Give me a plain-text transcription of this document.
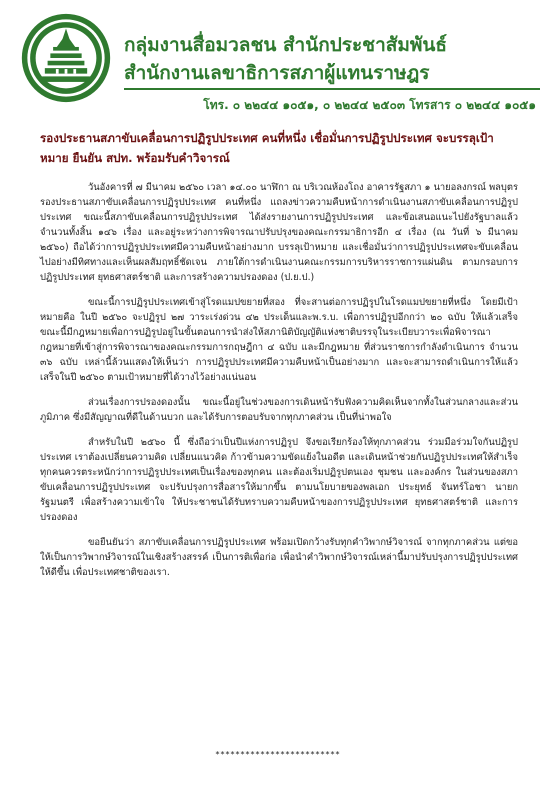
กลุ่มงานสื่อมวลชน สำนักประชาสัมพันธ์
สำนักงานเลขาธิการสภาผู้แทนราษฎร
โทร. ๐ ๒๒๔๔ ๑๐๕๑, ๐ ๒๒๔๔ ๒๕๐๓ โทรสาร ๐ ๒๒๔๔ ๑๐๕๑
รองประธานสภาขับเคลื่อนการปฏิรูปประเทศ คนที่หนึ่ง เชื่อมั่นการปฏิรูปประเทศ จะบรรลุเป้าหมาย ยืนยัน สปท. พร้อมรับคำวิจารณ์

วันอังคารที่ ๗ มีนาคม ๒๕๖๐ เวลา ๑๔.๐๐ นาฬิกา ณ บริเวณห้องโถง อาคารรัฐสภา ๑ นายอลงกรณ์ พลบุตร รองประธานสภาขับเคลื่อนการปฏิรูปประเทศ คนที่หนึ่ง แถลงข่าวความคืบหน้าการดำเนินงานสภาขับเคลื่อนการปฏิรูปประเทศ ขณะนี้สภาขับเคลื่อนการปฏิรูปประเทศ ได้ส่งรายงานการปฏิรูปประเทศ และข้อเสนอแนะไปยังรัฐบาลแล้วจำนวนทั้งสิ้น ๑๔๖ เรื่อง และอยู่ระหว่างการพิจารณาปรับปรุงของคณะกรรมาธิการอีก ๔ เรื่อง (ณ วันที่ ๖ มีนาคม ๒๕๖๐) ถือได้ว่าการปฏิรูปประเทศมีความคืบหน้าอย่างมาก บรรลุเป้าหมาย และเชื่อมั่นว่าการปฏิรูปประเทศจะขับเคลื่อนไปอย่างมีทิศทางและเห็นผลสัมฤทธิ์ชัดเจน ภายใต้การดำเนินงานคณะกรรมการบริหารราชการแผ่นดิน ตามกรอบการปฏิรูปประเทศ ยุทธศาสตร์ชาติ และการสร้างความปรองดอง (ป.ย.ป.)

ขณะนี้การปฏิรูปประเทศเข้าสู่โรดแมปขยายที่สอง ที่จะสานต่อการปฏิรูปในโรดแมปขยายที่หนึ่ง โดยมีเป้าหมายคือ ในปี ๒๕๖๐ จะปฏิรูป ๒๗ วาระเร่งด่วน ๔๒ ประเด็นและพ.ร.บ. เพื่อการปฏิรูปอีกกว่า ๒๐ ฉบับ ให้แล้วเสร็จ ขณะนี้มีกฎหมายเพื่อการปฏิรูปอยู่ในขั้นตอนการนำส่งให้สภานิติบัญญัติแห่งชาติบรรจุในระเบียบวาระเพื่อพิจารณา กฎหมายที่เข้าสู่การพิจารณาของคณะกรรมการกฤษฎีกา ๔ ฉบับ และมีกฎหมาย ที่ส่วนราชการกำลังดำเนินการ จำนวน ๓๖ ฉบับ เหล่านี้ล้วนแสดงให้เห็นว่า การปฏิรูปประเทศมีความคืบหน้าเป็นอย่างมาก และจะสามารถดำเนินการให้แล้วเสร็จในปี ๒๕๖๐ ตามเป้าหมายที่ได้วางไว้อย่างแน่นอน

ส่วนเรื่องการปรองดองนั้น ขณะนี้อยู่ในช่วงของการเดินหน้ารับฟังความคิดเห็นจากทั้งในส่วนกลางและส่วนภูมิภาค ซึ่งมีสัญญาณที่ดีในด้านบวก และได้รับการตอบรับจากทุกภาคส่วน เป็นที่น่าพอใจ

สำหรับในปี ๒๕๖๐ นี้ ซึ่งถือว่าเป็นปีแห่งการปฏิรูป จึงขอเรียกร้องให้ทุกภาคส่วน ร่วมมือร่วมใจกันปฏิรูปประเทศ เราต้องเปลี่ยนความคิด เปลี่ยนแนวคิด ก้าวข้ามความขัดแย้งในอดีต และเดินหน้าช่วยกันปฏิรูปประเทศให้สำเร็จ ทุกคนควรตระหนักว่าการปฏิรูปประเทศเป็นเรื่องของทุกคน และต้องเริ่มปฏิรูปตนเอง ชุมชน และองค์กร ในส่วนของสภาขับเคลื่อนการปฏิรูปประเทศ จะปรับปรุงการสื่อสารให้มากขึ้น ตามนโยบายของพลเอก ประยุทธ์ จันทร์โอชา นายกรัฐมนตรี เพื่อสร้างความเข้าใจ ให้ประชาชนได้รับทราบความคืบหน้าของการปฏิรูปประเทศ ยุทธศาสตร์ชาติ และการปรองดอง

ขอยืนยันว่า สภาขับเคลื่อนการปฏิรูปประเทศ พร้อมเปิดกว้างรับทุกคำวิพากษ์วิจารณ์ จากทุกภาคส่วน แต่ขอให้เป็นการวิพากษ์วิจารณ์ในเชิงสร้างสรรค์ เป็นการติเพื่อก่อ เพื่อนำคำวิพากษ์วิจารณ์เหล่านี้มาปรับปรุงการปฏิรูปประเทศให้ดีขึ้น เพื่อประเทศชาติของเรา.

*************************
